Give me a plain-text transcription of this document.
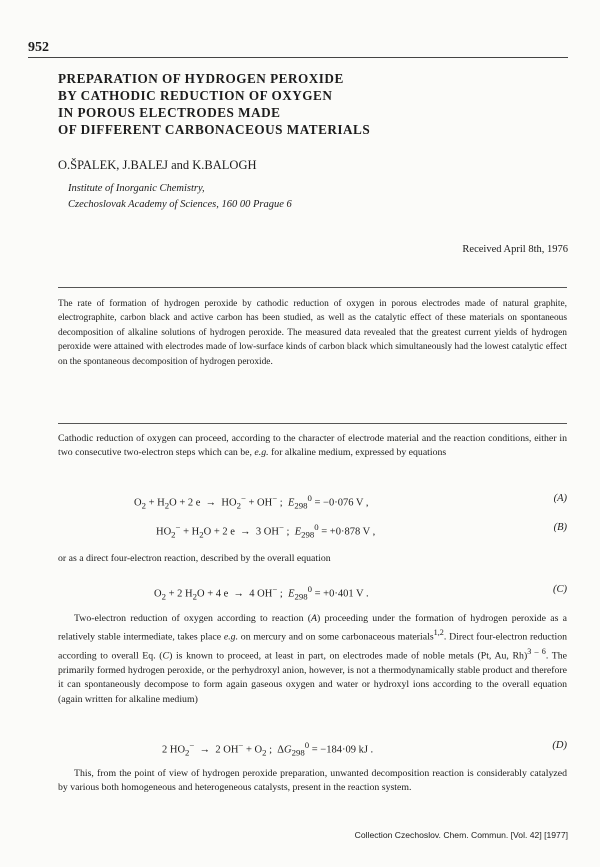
952
PREPARATION OF HYDROGEN PEROXIDE
BY CATHODIC REDUCTION OF OXYGEN
IN POROUS ELECTRODES MADE
OF DIFFERENT CARBONACEOUS MATERIALS
O.ŠPALEK, J.BALEJ and K.BALOGH
Institute of Inorganic Chemistry,
Czechoslovak Academy of Sciences, 160 00 Prague 6
Received April 8th, 1976
The rate of formation of hydrogen peroxide by cathodic reduction of oxygen in porous electrodes made of natural graphite, electrographite, carbon black and active carbon has been studied, as well as the catalytic effect of these materials on spontaneous decomposition of alkaline solutions of hydrogen peroxide. The measured data revealed that the greatest current yields of hydrogen peroxide were attained with electrodes made of low-surface kinds of carbon black which simultaneously had the lowest catalytic effect on the spontaneous decomposition of hydrogen peroxide.
Cathodic reduction of oxygen can proceed, according to the character of electrode material and the reaction conditions, either in two consecutive two-electron steps which can be, e.g. for alkaline medium, expressed by equations
$O_2 + H_2O + 2$ $e \to HO_2^- + OH^-$ ;  $E_{298}^0 = -0\cdot 076$ V ,	(A)
$HO_2^- + H_2O + 2$ e  →  3 OH− ;  $E_{298}^0 = +0\cdot 878$ V ,	(B)
or as a direct four-electron reaction, described by the overall equation
$O_2 + 2$ $H_2O + 4$ e  →  4 OH− ;  $E_{298}^0 = +0\cdot 401$ V .	(C)
Two-electron reduction of oxygen according to reaction (A) proceeding under the formation of hydrogen peroxide as a relatively stable intermediate, takes place e.g. on mercury and on some carbonaceous materials$^{1,2}$. Direct four-electron reduction according to overall Eq. (C) is known to proceed, at least in part, on electrodes made of noble metals (Pt, Au, Rh)$^{3 - 6}$. The primarily formed hydrogen peroxide, or the perhydroxyl anion, however, is not a thermodynamically stable product and therefore it can spontaneously decompose to form again gaseous oxygen and water or hydroxyl ions according to the overall equation (again written for alkaline medium)
2 $HO_2^- \to 2$ $OH^- + O_2$ ;  $\Delta G_{298}^0 = -184\cdot 09$ kJ .	(D)
This, from the point of view of hydrogen peroxide preparation, unwanted decomposition reaction is considerably catalyzed by various both homogeneous and heterogeneous catalysts, present in the reaction system.
Collection Czechoslov. Chem. Commun. [Vol. 42] [1977]
